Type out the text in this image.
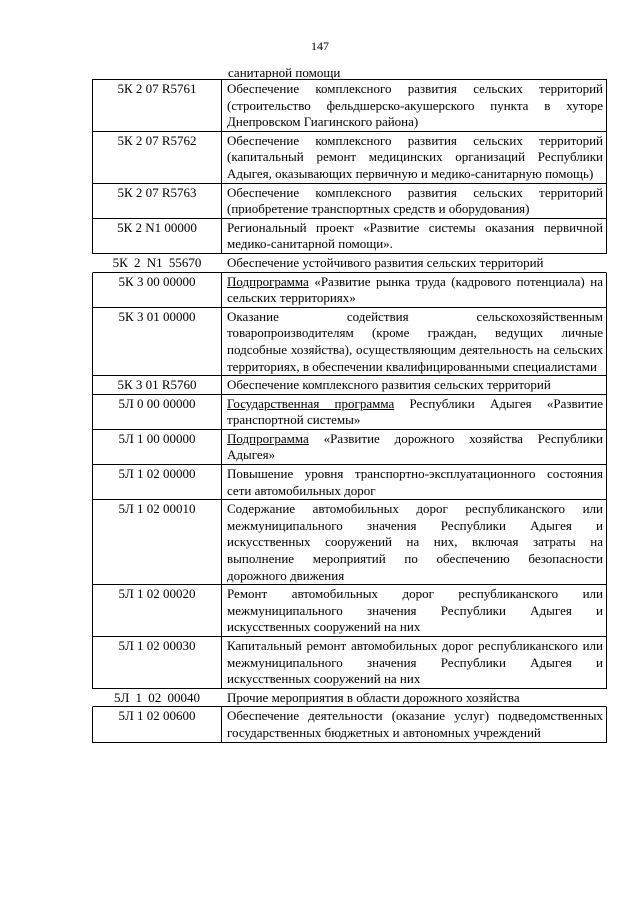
147
санитарной помощи
5К 2 07 R5761	Обеспечение комплексного развития сельских территорий (строительство фельдшерско-акушерского пункта в хуторе Днепровском Гиагинского района)
5К 2 07 R5762	Обеспечение комплексного развития сельских территорий (капитальный ремонт медицинских организаций Республики Адыгея, оказывающих первичную и медико-санитарную помощь)
5К 2 07 R5763	Обеспечение комплексного развития сельских территорий (приобретение транспортных средств и оборудования)
5К 2 N1 00000	Региональный проект «Развитие системы оказания первичной медико-санитарной помощи».
5К 2 N1 55670	Обеспечение устойчивого развития сельских территорий
5К 3 00 00000	Подпрограмма «Развитие рынка труда (кадрового потенциала) на сельских территориях»
5К 3 01 00000	Оказание содействия сельскохозяйственным товаропроизводителям (кроме граждан, ведущих личные подсобные хозяйства), осуществляющим деятельность на сельских территориях, в обеспечении квалифицированными специалистами
5К 3 01 R5760	Обеспечение комплексного развития сельских территорий
5Л 0 00 00000	Государственная программа Республики Адыгея «Развитие транспортной системы»
5Л 1 00 00000	Подпрограмма «Развитие дорожного хозяйства Республики Адыгея»
5Л 1 02 00000	Повышение уровня транспортно-эксплуатационного состояния сети автомобильных дорог
5Л 1 02 00010	Содержание автомобильных дорог республиканского или межмуниципального значения Республики Адыгея и искусственных сооружений на них, включая затраты на выполнение мероприятий по обеспечению безопасности дорожного движения
5Л 1 02 00020	Ремонт автомобильных дорог республиканского или межмуниципального значения Республики Адыгея и искусственных сооружений на них
5Л 1 02 00030	Капитальный ремонт автомобильных дорог республиканского или межмуниципального значения Республики Адыгея и искусственных сооружений на них
5Л 1 02 00040	Прочие мероприятия в области дорожного хозяйства
5Л 1 02 00600	Обеспечение деятельности (оказание услуг) подведомственных государственных бюджетных и автономных учреждений
